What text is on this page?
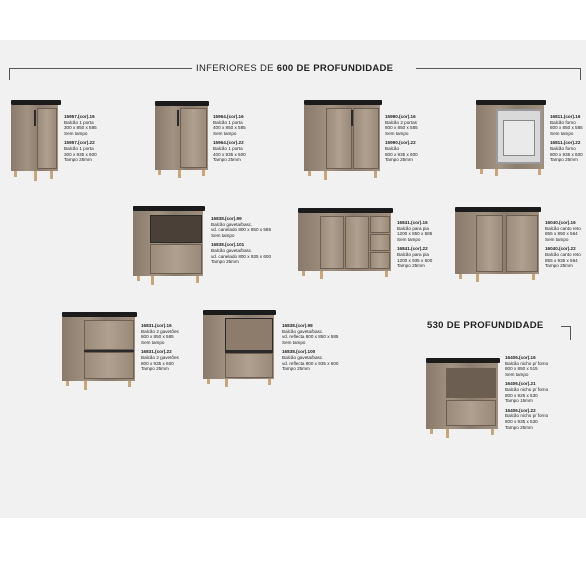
INFERIORES DE 600 DE PROFUNDIDADE
15957.(cor).16
Balcão 1 porta
300 x 850 x 585
Sem tampo
15957.(cor).22
Balcão 1 porta
300 x 935 x 600
Tampo 25mm
15964.(cor).16
Balcão 1 porta
400 x 850 x 585
Sem tampo
15964.(cor).22
Balcão 1 porta
400 x 935 x 600
Tampo 25mm
15990.(cor).16
Balcão 2 portas
800 x 850 x 585
Sem tampo
15990.(cor).22
Balcão
800 x 935 x 600
Tampo 25mm
16811.(cor).16
Balcão forno
800 x 850 x 585
Sem tampo
16811.(cor).22
Balcão forno
800 x 935 x 600
Tampo 25mm
16838.(cor).99
Balcão gaveta/basc.
vd. canelado 800 x 850 x 585
Sem tampo
16838.(cor).101
Balcão gaveta/basc.
vd. canelado 800 x 935 x 600
Tampo 25mm
16841.(cor).16
Balcão para pia
1200 x 850 x 585
Sem tampo
16841.(cor).22
Balcão para pia
1200 x 935 x 600
Tampo 25mm
16040.(cor).16
Balcão canto reto
855 x 850 x 564
Sem tampo
16040.(cor).22
Balcão canto reto
855 x 935 x 564
Tampo 25mm
16831.(cor).16
Balcão 2 gavetões
800 x 850 x 585
Sem tampo
16831.(cor).22
Balcão 2 gavetões
800 x 935 x 600
Tampo 25mm
16838.(cor).98
Balcão gaveta/basc.
vd. reflecta 800 x 850 x 585
Sem tampo
16838.(cor).100
Balcão gaveta/basc.
vd. reflecta 800 x 935 x 600
Tampo 25mm
530 DE PROFUNDIDADE
16406.(cor).16
Balcão nicho p/ forno
800 x 850 x 515
Sem tampo
16406.(cor).21
Balcão nicho p/ forno
800 x 925 x 530
Tampo 15mm
16406.(cor).22
Balcão nicho p/ forno
800 x 935 x 530
Tampo 25mm
